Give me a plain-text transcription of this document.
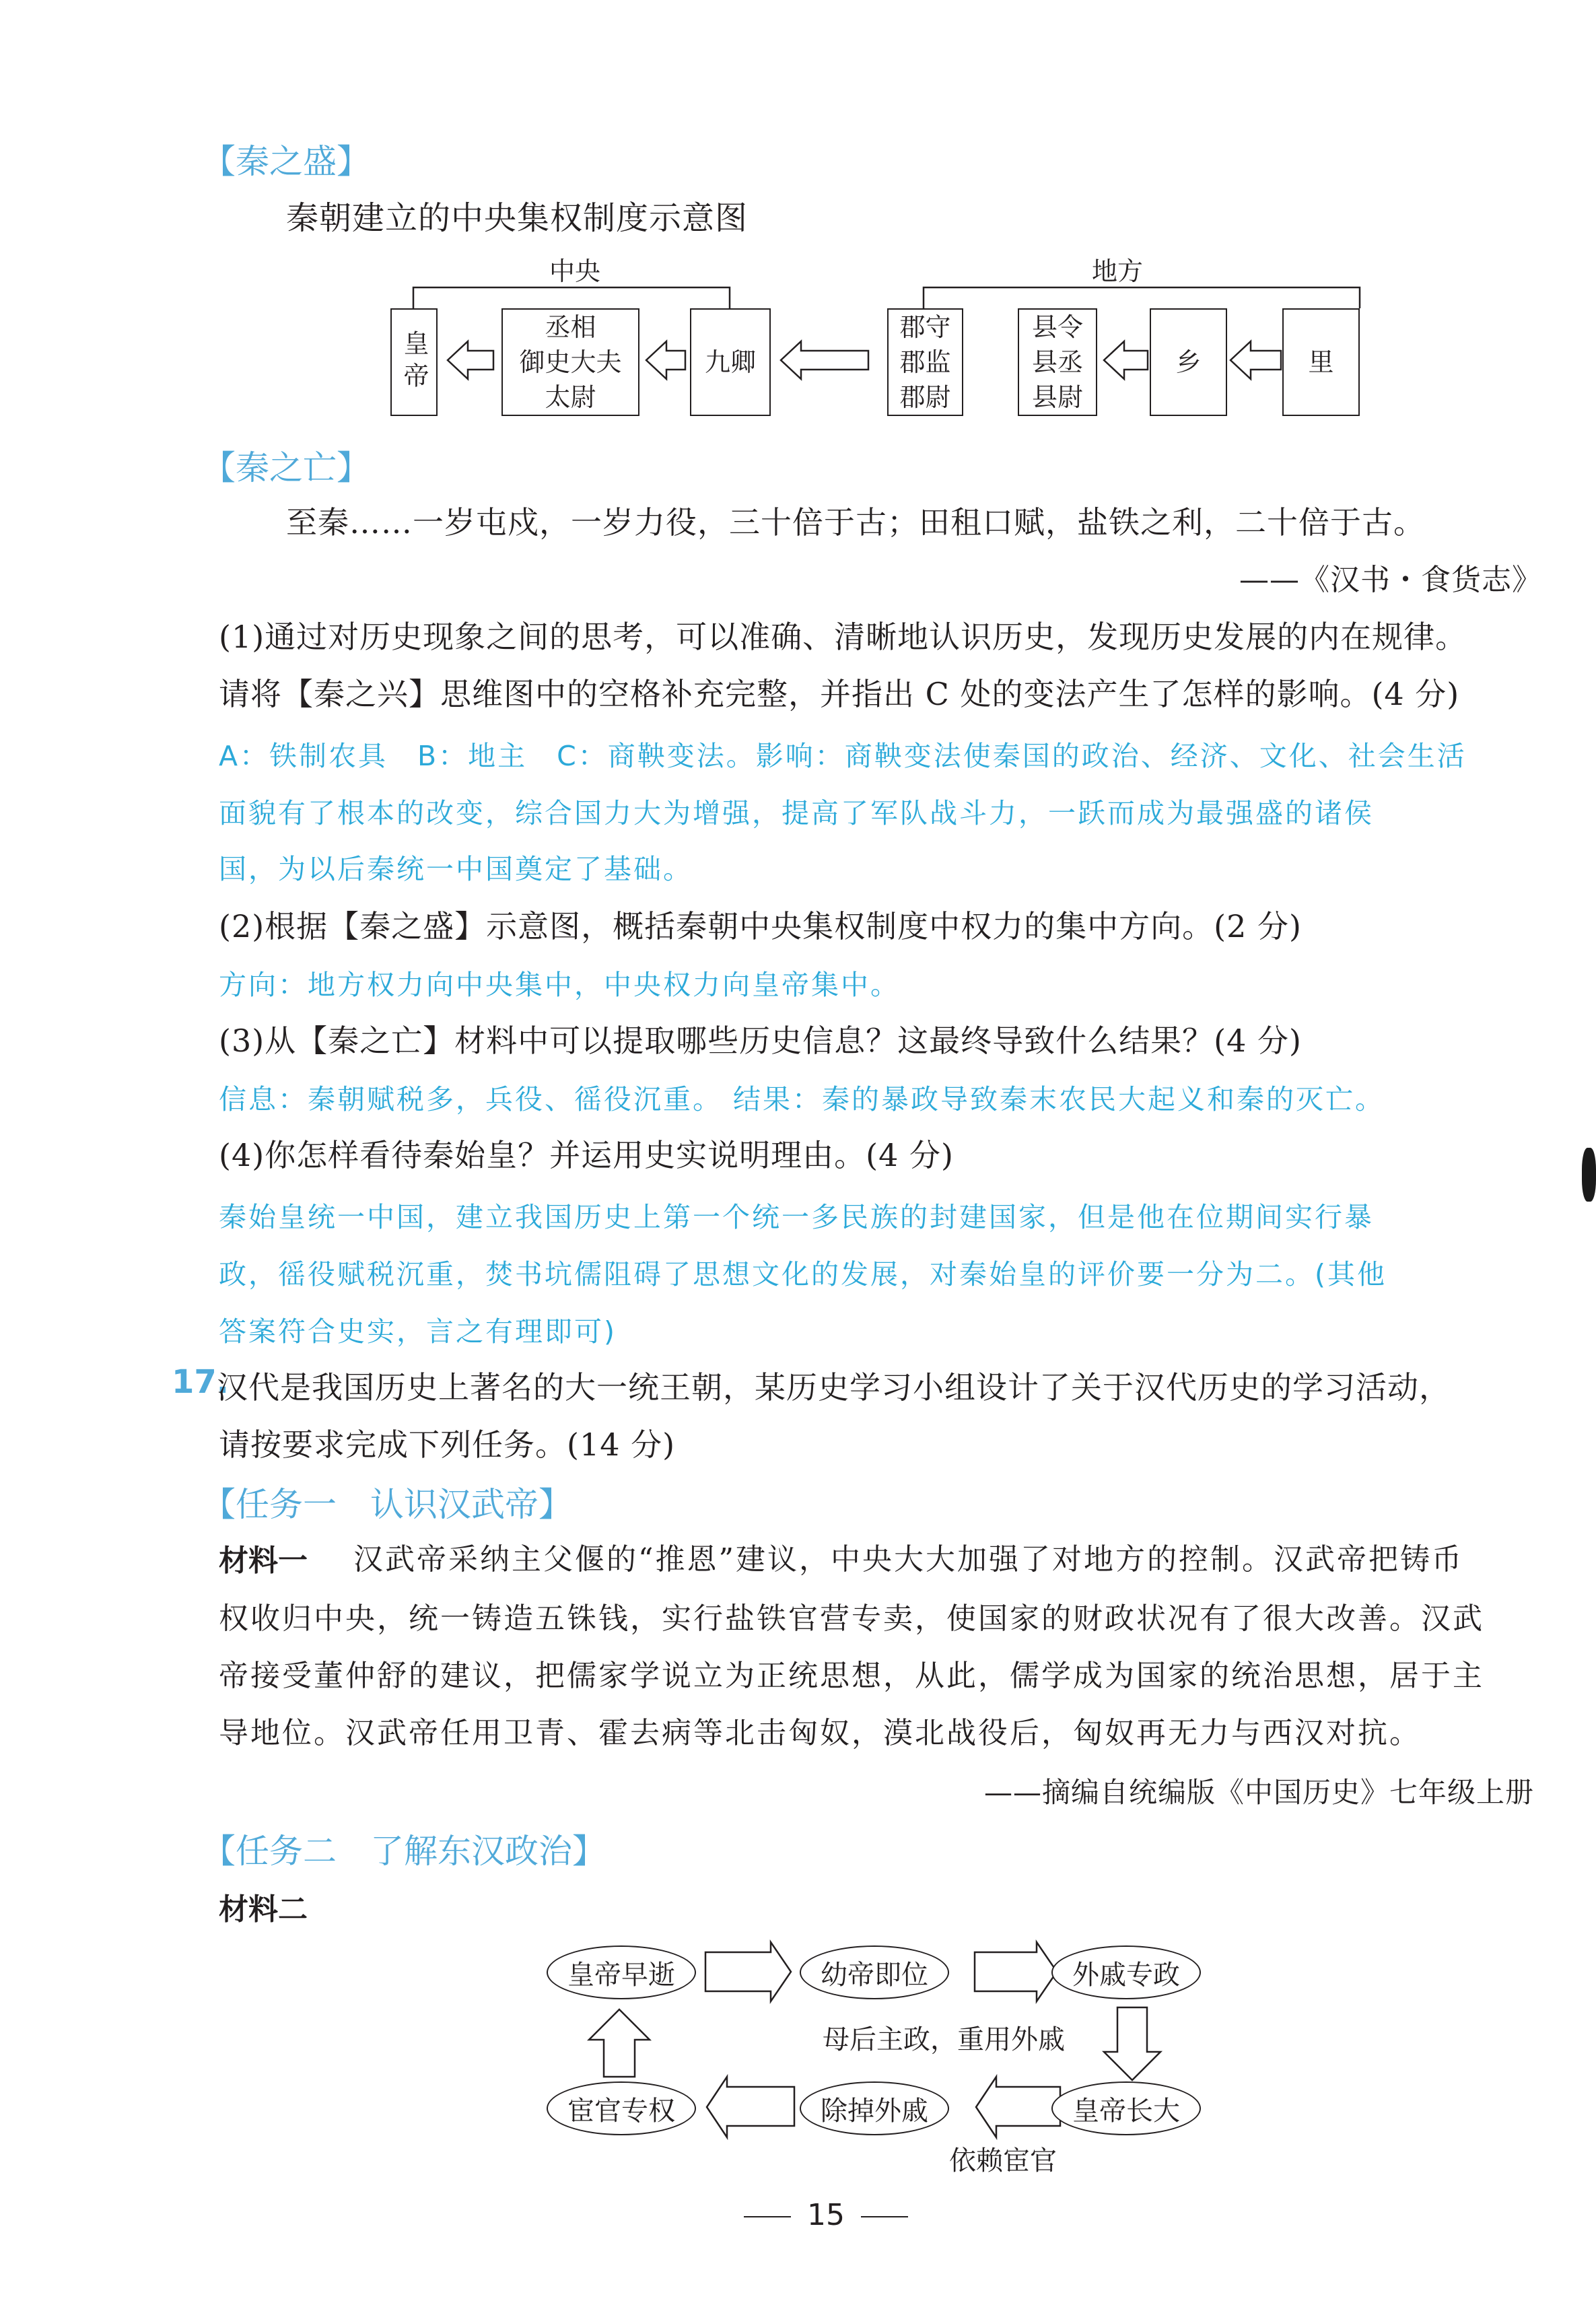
【秦之盛】
秦朝建立的中央集权制度示意图
中央	地方
皇帝
丞相
御史大夫
太尉
九卿
郡守
郡监
郡尉
县令
县丞
县尉
乡	里
【秦之亡】
至秦……一岁屯戍，一岁力役，三十倍于古；田租口赋，盐铁之利，二十倍于古。
——《汉书・食货志》
(1)通过对历史现象之间的思考，可以准确、清晰地认识历史，发现历史发展的内在规律。
请将【秦之兴】思维图中的空格补充完整，并指出 C 处的变法产生了怎样的影响。(4 分)
A：铁制农具　B：地主　C：商鞅变法。影响：商鞅变法使秦国的政治、经济、文化、社会生活
面貌有了根本的改变，综合国力大为增强，提高了军队战斗力，一跃而成为最强盛的诸侯
国，为以后秦统一中国奠定了基础。
(2)根据【秦之盛】示意图，概括秦朝中央集权制度中权力的集中方向。(2 分)
方向：地方权力向中央集中，中央权力向皇帝集中。
(3)从【秦之亡】材料中可以提取哪些历史信息？这最终导致什么结果？(4 分)
信息：秦朝赋税多，兵役、徭役沉重。 结果：秦的暴政导致秦末农民大起义和秦的灭亡。
(4)你怎样看待秦始皇？并运用史实说明理由。(4 分)
秦始皇统一中国，建立我国历史上第一个统一多民族的封建国家，但是他在位期间实行暴
政，徭役赋税沉重，焚书坑儒阻碍了思想文化的发展，对秦始皇的评价要一分为二。(其他
答案符合史实，言之有理即可)
17.
汉代是我国历史上著名的大一统王朝，某历史学习小组设计了关于汉代历史的学习活动，
请按要求完成下列任务。(14 分)
【任务一　认识汉武帝】
材料一 汉武帝采纳主父偃的“推恩”建议，中央大大加强了对地方的控制。汉武帝把铸币
权收归中央，统一铸造五铢钱，实行盐铁官营专卖，使国家的财政状况有了很大改善。汉武
帝接受董仲舒的建议，把儒家学说立为正统思想，从此，儒学成为国家的统治思想，居于主
导地位。汉武帝任用卫青、霍去病等北击匈奴，漠北战役后，匈奴再无力与西汉对抗。
——摘编自统编版《中国历史》七年级上册
【任务二　了解东汉政治】
材料二
皇帝早逝	幼帝即位	外戚专政
皇帝长大
除掉外戚
宦官专权
母后主政，重用外戚
依赖宦官
15
